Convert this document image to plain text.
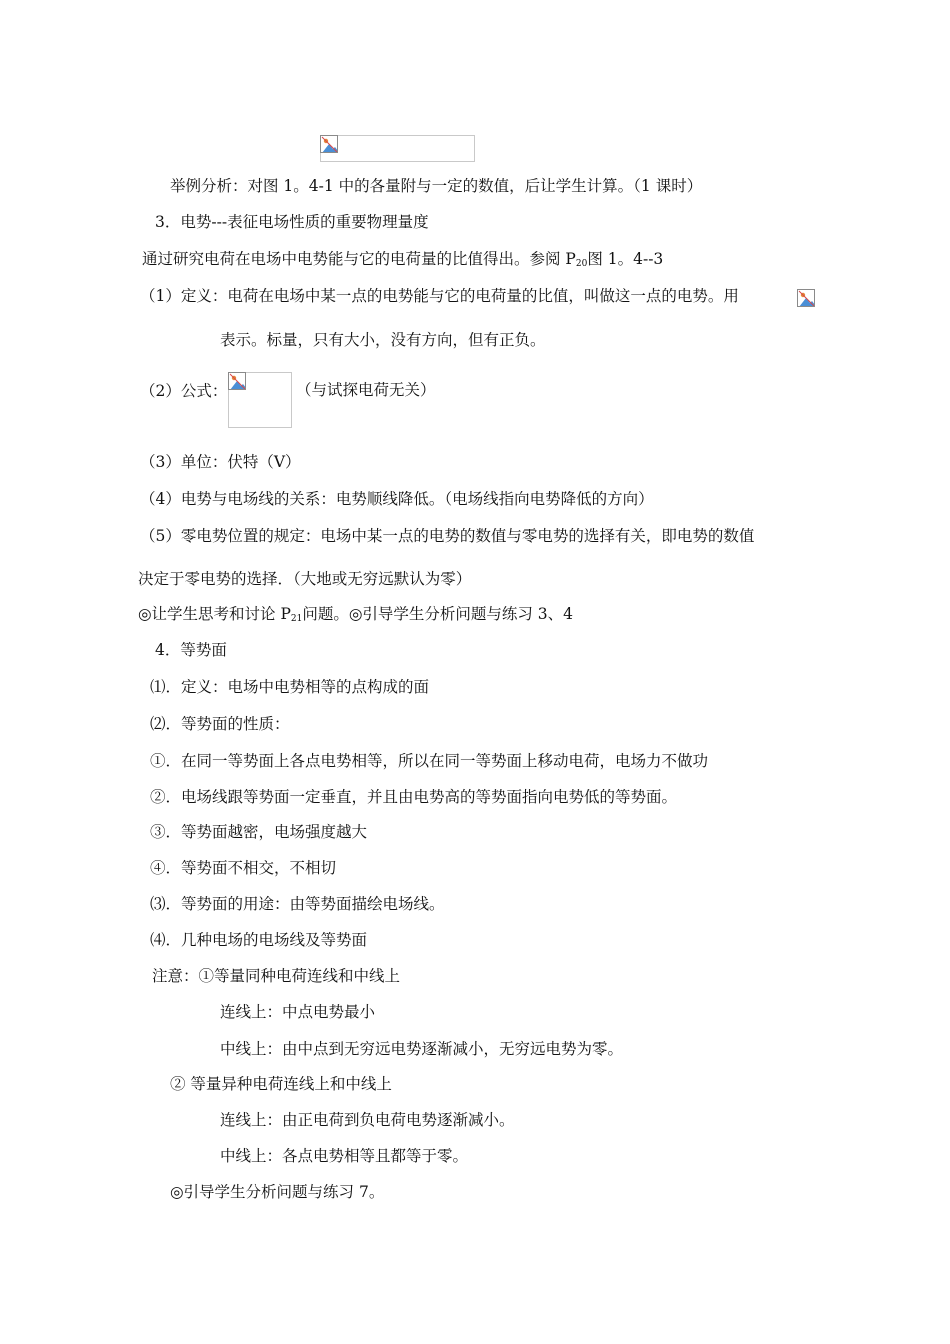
举例分析：对图 1。4-1 中的各量附与一定的数值，后让学生计算。（1 课时）
3．电势---表征电场性质的重要物理量度
通过研究电荷在电场中电势能与它的电荷量的比值得出。参阅 $P_{20}$图 1。4--3
（1）定义：电荷在电场中某一点的电势能与它的电荷量的比值，叫做这一点的电势。用
表示。标量，只有大小，没有方向，但有正负。
（2）公式：	（与试探电荷无关）
（3）单位：伏特（V）
（4）电势与电场线的关系：电势顺线降低。（电场线指向电势降低的方向）
（5）零电势位置的规定：电场中某一点的电势的数值与零电势的选择有关，即电势的数值
决定于零电势的选择．（大地或无穷远默认为零）
◎让学生思考和讨论 $P_{21}$问题。◎引导学生分析问题与练习 3、4
4．等势面
⑴．定义：电场中电势相等的点构成的面
⑵．等势面的性质：
①．在同一等势面上各点电势相等，所以在同一等势面上移动电荷，电场力不做功
②．电场线跟等势面一定垂直，并且由电势高的等势面指向电势低的等势面。
③．等势面越密，电场强度越大
④．等势面不相交，不相切
⑶．等势面的用途：由等势面描绘电场线。
⑷．几种电场的电场线及等势面
注意：①等量同种电荷连线和中线上
连线上：中点电势最小
中线上：由中点到无穷远电势逐渐减小，无穷远电势为零。
② 等量异种电荷连线上和中线上
连线上：由正电荷到负电荷电势逐渐减小。
中线上：各点电势相等且都等于零。
◎引导学生分析问题与练习 7。
